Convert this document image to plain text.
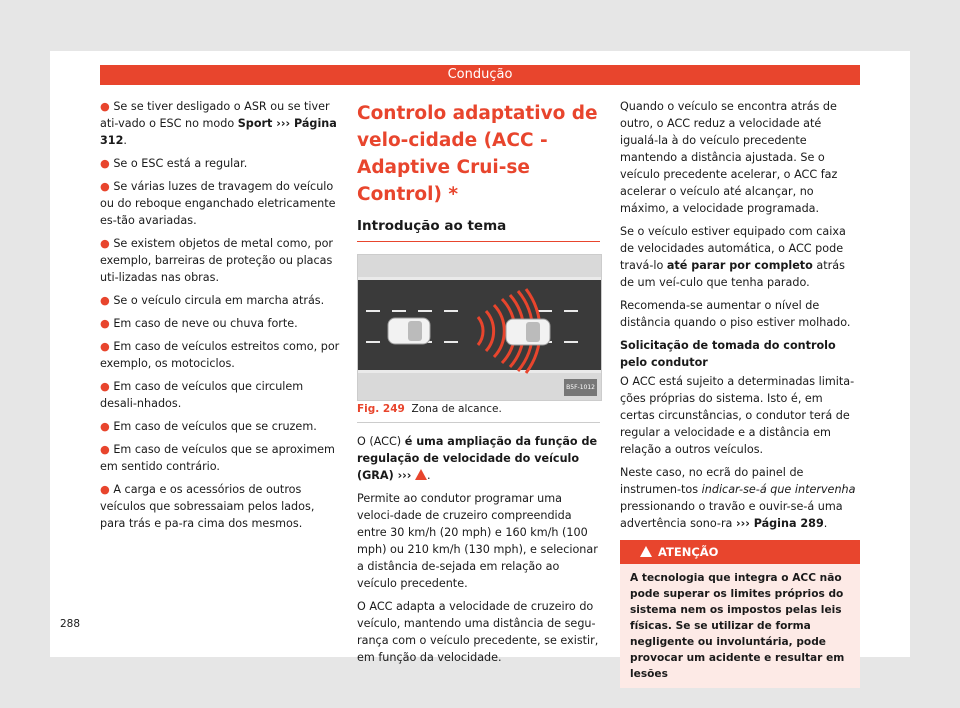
Condução

● Se se tiver desligado o ASR ou se tiver ati-vado o ESC no modo Sport ››› Página 312.

● Se o ESC está a regular.

● Se várias luzes de travagem do veículo ou do reboque enganchado eletricamente es-tão avariadas.

● Se existem objetos de metal como, por exemplo, barreiras de proteção ou placas uti-lizadas nas obras.

● Se o veículo circula em marcha atrás.

● Em caso de neve ou chuva forte.

● Em caso de veículos estreitos como, por exemplo, os motociclos.

● Em caso de veículos que circulem desali-nhados.

● Em caso de veículos que se cruzem.

● Em caso de veículos que se aproximem em sentido contrário.

● A carga e os acessórios de outros veículos que sobressaiam pelos lados, para trás e pa-ra cima dos mesmos.

Controlo adaptativo de velo-cidade (ACC - Adaptive Crui-se Control) *
Introdução ao tema
B5F-1012

Fig. 249 Zona de alcance.

O (ACC) é uma ampliação da função de regulação de velocidade do veículo (GRA) ››› .

Permite ao condutor programar uma veloci-dade de cruzeiro compreendida entre 30 km/h (20 mph) e 160 km/h (100 mph) ou 210 km/h (130 mph), e selecionar a distância de-sejada em relação ao veículo precedente.

O ACC adapta a velocidade de cruzeiro do veículo, mantendo uma distância de segu-rança com o veículo precedente, se existir, em função da velocidade.

Quando o veículo se encontra atrás de outro, o ACC reduz a velocidade até igualá-la à do veículo precedente mantendo a distância ajustada. Se o veículo precedente acelerar, o ACC faz acelerar o veículo até alcançar, no máximo, a velocidade programada.

Se o veículo estiver equipado com caixa de velocidades automática, o ACC pode travá-lo até parar por completo atrás de um veí-culo que tenha parado.

Recomenda-se aumentar o nível de distância quando o piso estiver molhado.

Solicitação de tomada do controlo pelo condutor

O ACC está sujeito a determinadas limita-ções próprias do sistema. Isto é, em certas circunstâncias, o condutor terá de regular a velocidade e a distância em relação a outros veículos.

Neste caso, no ecrã do painel de instrumen-tos indicar-se-á que intervenha pressionando o travão e ouvir-se-á uma advertência sono-ra ››› Página 289.

ATENÇÃO
A tecnologia que integra o ACC não pode superar os limites próprios do sistema nem os impostos pelas leis físicas. Se se utilizar de forma negligente ou involuntária, pode provocar um acidente e resultar em lesões
288
